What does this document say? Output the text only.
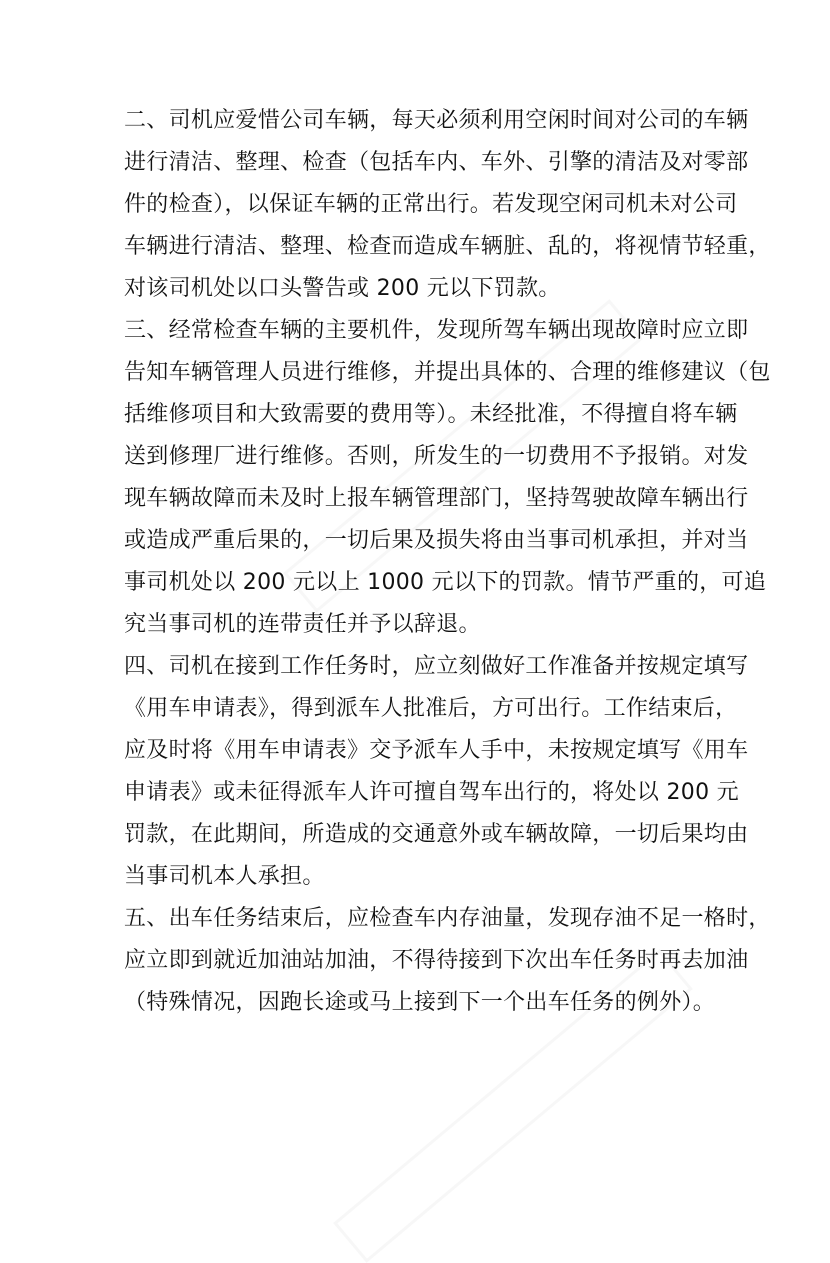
二、司机应爱惜公司车辆，每天必须利用空闲时间对公司的车辆
进行清洁、整理、检查（包括车内、车外、引擎的清洁及对零部
件的检查），以保证车辆的正常出行。若发现空闲司机未对公司
车辆进行清洁、整理、检查而造成车辆脏、乱的，将视情节轻重，
对该司机处以口头警告或 200 元以下罚款。
三、经常检查车辆的主要机件，发现所驾车辆出现故障时应立即
告知车辆管理人员进行维修，并提出具体的、合理的维修建议（包
括维修项目和大致需要的费用等）。未经批准，不得擅自将车辆
送到修理厂进行维修。否则，所发生的一切费用不予报销。对发
现车辆故障而未及时上报车辆管理部门，坚持驾驶故障车辆出行
或造成严重后果的，一切后果及损失将由当事司机承担，并对当
事司机处以 200 元以上 1000 元以下的罚款。情节严重的，可追
究当事司机的连带责任并予以辞退。
四、司机在接到工作任务时，应立刻做好工作准备并按规定填写
《用车申请表》，得到派车人批准后，方可出行。工作结束后，
应及时将《用车申请表》交予派车人手中，未按规定填写《用车
申请表》或未征得派车人许可擅自驾车出行的，将处以 200 元
罚款，在此期间，所造成的交通意外或车辆故障，一切后果均由
当事司机本人承担。
五、出车任务结束后，应检查车内存油量，发现存油不足一格时，
应立即到就近加油站加油，不得待接到下次出车任务时再去加油
（特殊情况，因跑长途或马上接到下一个出车任务的例外）。
